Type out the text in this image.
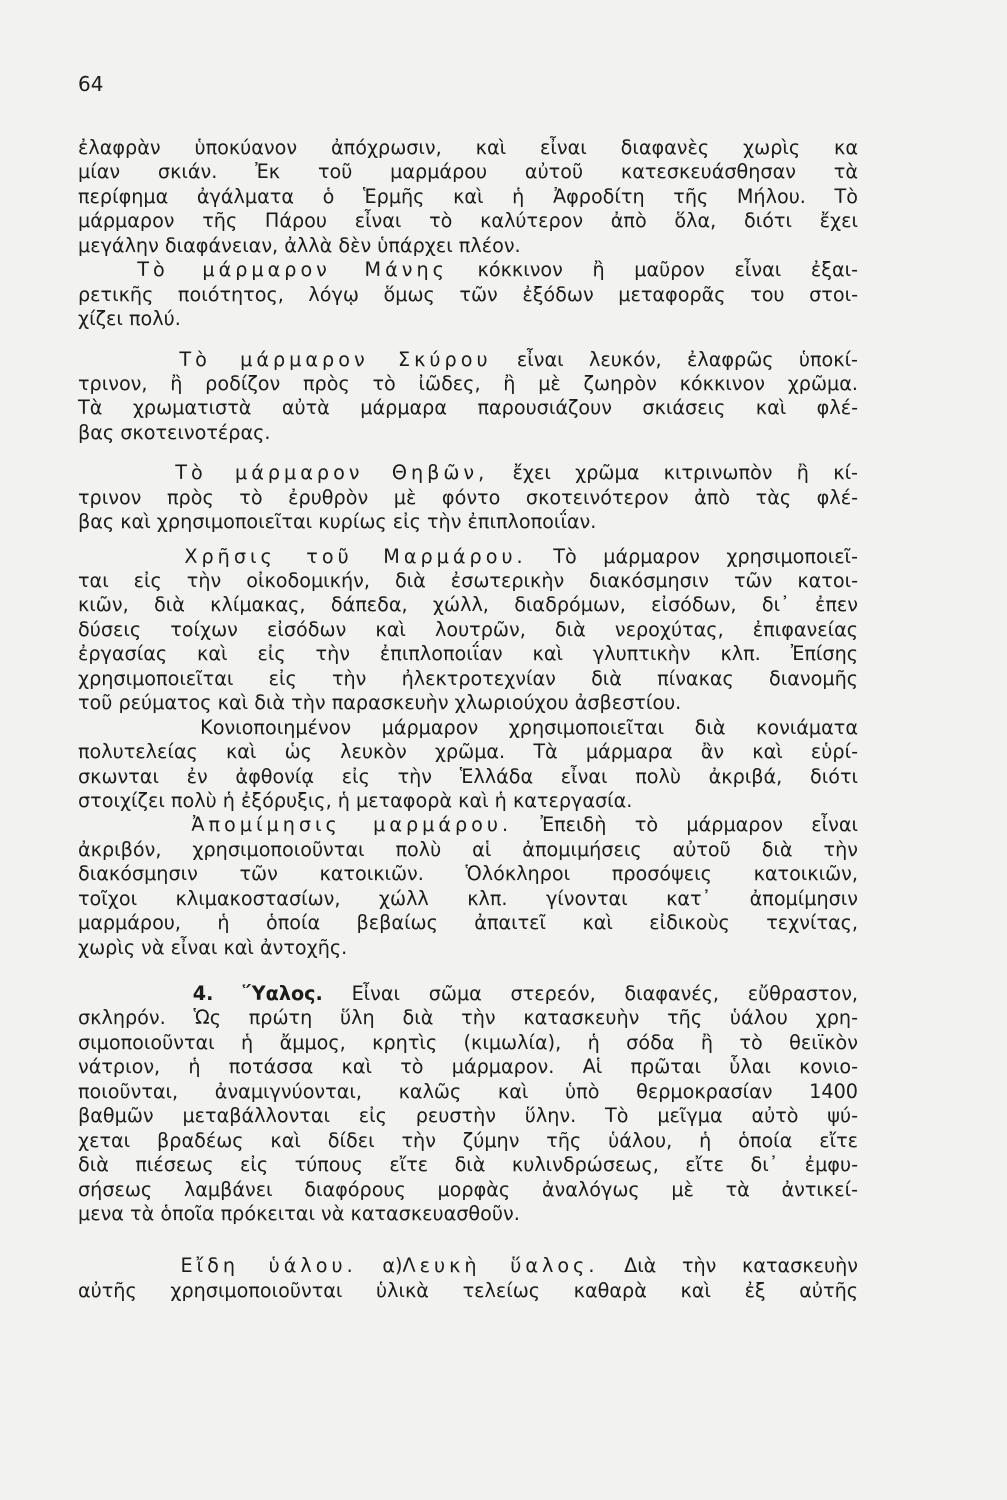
64
ἐλαφρὰν ὑποκύανον ἀπόχρωσιν, καὶ εἶναι διαφανὲς χωρὶς κα
μίαν σκιάν. Ἐκ τοῦ μαρμάρου αὐτοῦ κατεσκευάσθησαν τὰ
περίφημα ἀγάλματα ὁ Ἑρμῆς καὶ ἡ Ἀφροδίτη τῆς Μήλου. Τὸ
μάρμαρον τῆς Πάρου εἶναι τὸ καλύτερον ἀπὸ ὅλα, διότι ἔχει
μεγάλην διαφάνειαν, ἀλλὰ δὲν ὑπάρχει πλέον.
Τὸ μάρμαρον Μάνης κόκκινον ἢ μαῦρον εἶναι ἐξαι-
ρετικῆς ποιότητος, λόγῳ ὅμως τῶν ἐξόδων μεταφορᾶς του στοι-
χίζει πολύ.
Τὸ μάρμαρον Σκύρου εἶναι λευκόν, ἐλαφρῶς ὑποκί-
τρινον, ἢ ροδίζον πρὸς τὸ ἰῶδες, ἢ μὲ ζωηρὸν κόκκινον χρῶμα.
Τὰ χρωματιστὰ αὐτὰ μάρμαρα παρουσιάζουν σκιάσεις καὶ φλέ-
βας σκοτεινοτέρας.
Τὸ μάρμαρον Θηβῶν, ἔχει χρῶμα κιτρινωπὸν ἢ κί-
τρινον πρὸς τὸ ἐρυθρὸν μὲ φόντο σκοτεινότερον ἀπὸ τὰς φλέ-
βας καὶ χρησιμοποιεῖται κυρίως εἰς τὴν ἐπιπλοποιΐαν.
Χρῆσις τοῦ Μαρμάρου. Τὸ μάρμαρον χρησιμοποιεῖ-
ται εἰς τὴν οἰκοδομικήν, διὰ ἐσωτερικὴν διακόσμησιν τῶν κατοι-
κιῶν, διὰ κλίμακας, δάπεδα, χώλλ, διαδρόμων, εἰσόδων, δι᾽ ἐπεν
δύσεις τοίχων εἰσόδων καὶ λουτρῶν, διὰ νεροχύτας, ἐπιφανείας
ἐργασίας καὶ εἰς τὴν ἐπιπλοποιΐαν καὶ γλυπτικὴν κλπ. Ἐπίσης
χρησιμοποιεῖται εἰς τὴν ἠλεκτροτεχνίαν διὰ πίνακας διανομῆς
τοῦ ρεύματος καὶ διὰ τὴν παρασκευὴν χλωριούχου ἀσβεστίου.
Κονιοποιημένον μάρμαρον χρησιμοποιεῖται διὰ κονιάματα
πολυτελείας καὶ ὡς λευκὸν χρῶμα. Τὰ μάρμαρα ἂν καὶ εὑρί-
σκωνται ἐν ἀφθονίᾳ εἰς τὴν Ἑλλάδα εἶναι πολὺ ἀκριβά, διότι
στοιχίζει πολὺ ἡ ἐξόρυξις, ἡ μεταφορὰ καὶ ἡ κατεργασία.
Ἀπομίμησις μαρμάρου. Ἐπειδὴ τὸ μάρμαρον εἶναι
ἀκριβόν, χρησιμοποιοῦνται πολὺ αἱ ἀπομιμήσεις αὐτοῦ διὰ τὴν
διακόσμησιν τῶν κατοικιῶν. Ὁλόκληροι προσόψεις κατοικιῶν,
τοῖχοι κλιμακοστασίων, χώλλ κλπ. γίνονται κατ᾽ ἀπομίμησιν
μαρμάρου, ἡ ὁποία βεβαίως ἀπαιτεῖ καὶ εἰδικοὺς τεχνίτας,
χωρὶς νὰ εἶναι καὶ ἀντοχῆς.
4. Ὕαλος. Εἶναι σῶμα στερεόν, διαφανές, εὔθραστον,
σκληρόν. Ὡς πρώτη ὕλη διὰ τὴν κατασκευὴν τῆς ὑάλου χρη-
σιμοποιοῦνται ἡ ἄμμος, κρητὶς (κιμωλία), ἡ σόδα ἢ τὸ θειϊκὸν
νάτριον, ἡ ποτάσσα καὶ τὸ μάρμαρον. Αἱ πρῶται ὗλαι κονιο-
ποιοῦνται, ἀναμιγνύονται, καλῶς καὶ ὑπὸ θερμοκρασίαν 1400
βαθμῶν μεταβάλλονται εἰς ρευστὴν ὕλην. Τὸ μεῖγμα αὐτὸ ψύ-
χεται βραδέως καὶ δίδει τὴν ζύμην τῆς ὑάλου, ἡ ὁποία εἴτε
διὰ πιέσεως εἰς τύπους εἴτε διὰ κυλινδρώσεως, εἴτε δι᾽ ἐμφυ-
σήσεως λαμβάνει διαφόρους μορφὰς ἀναλόγως μὲ τὰ ἀντικεί-
μενα τὰ ὁποῖα πρόκειται νὰ κατασκευασθοῦν.
Εἴδη ὑάλου. α)Λευκὴ ὕαλος. Διὰ τὴν κατασκευὴν
αὐτῆς χρησιμοποιοῦνται ὑλικὰ τελείως καθαρὰ καὶ ἐξ αὐτῆς
